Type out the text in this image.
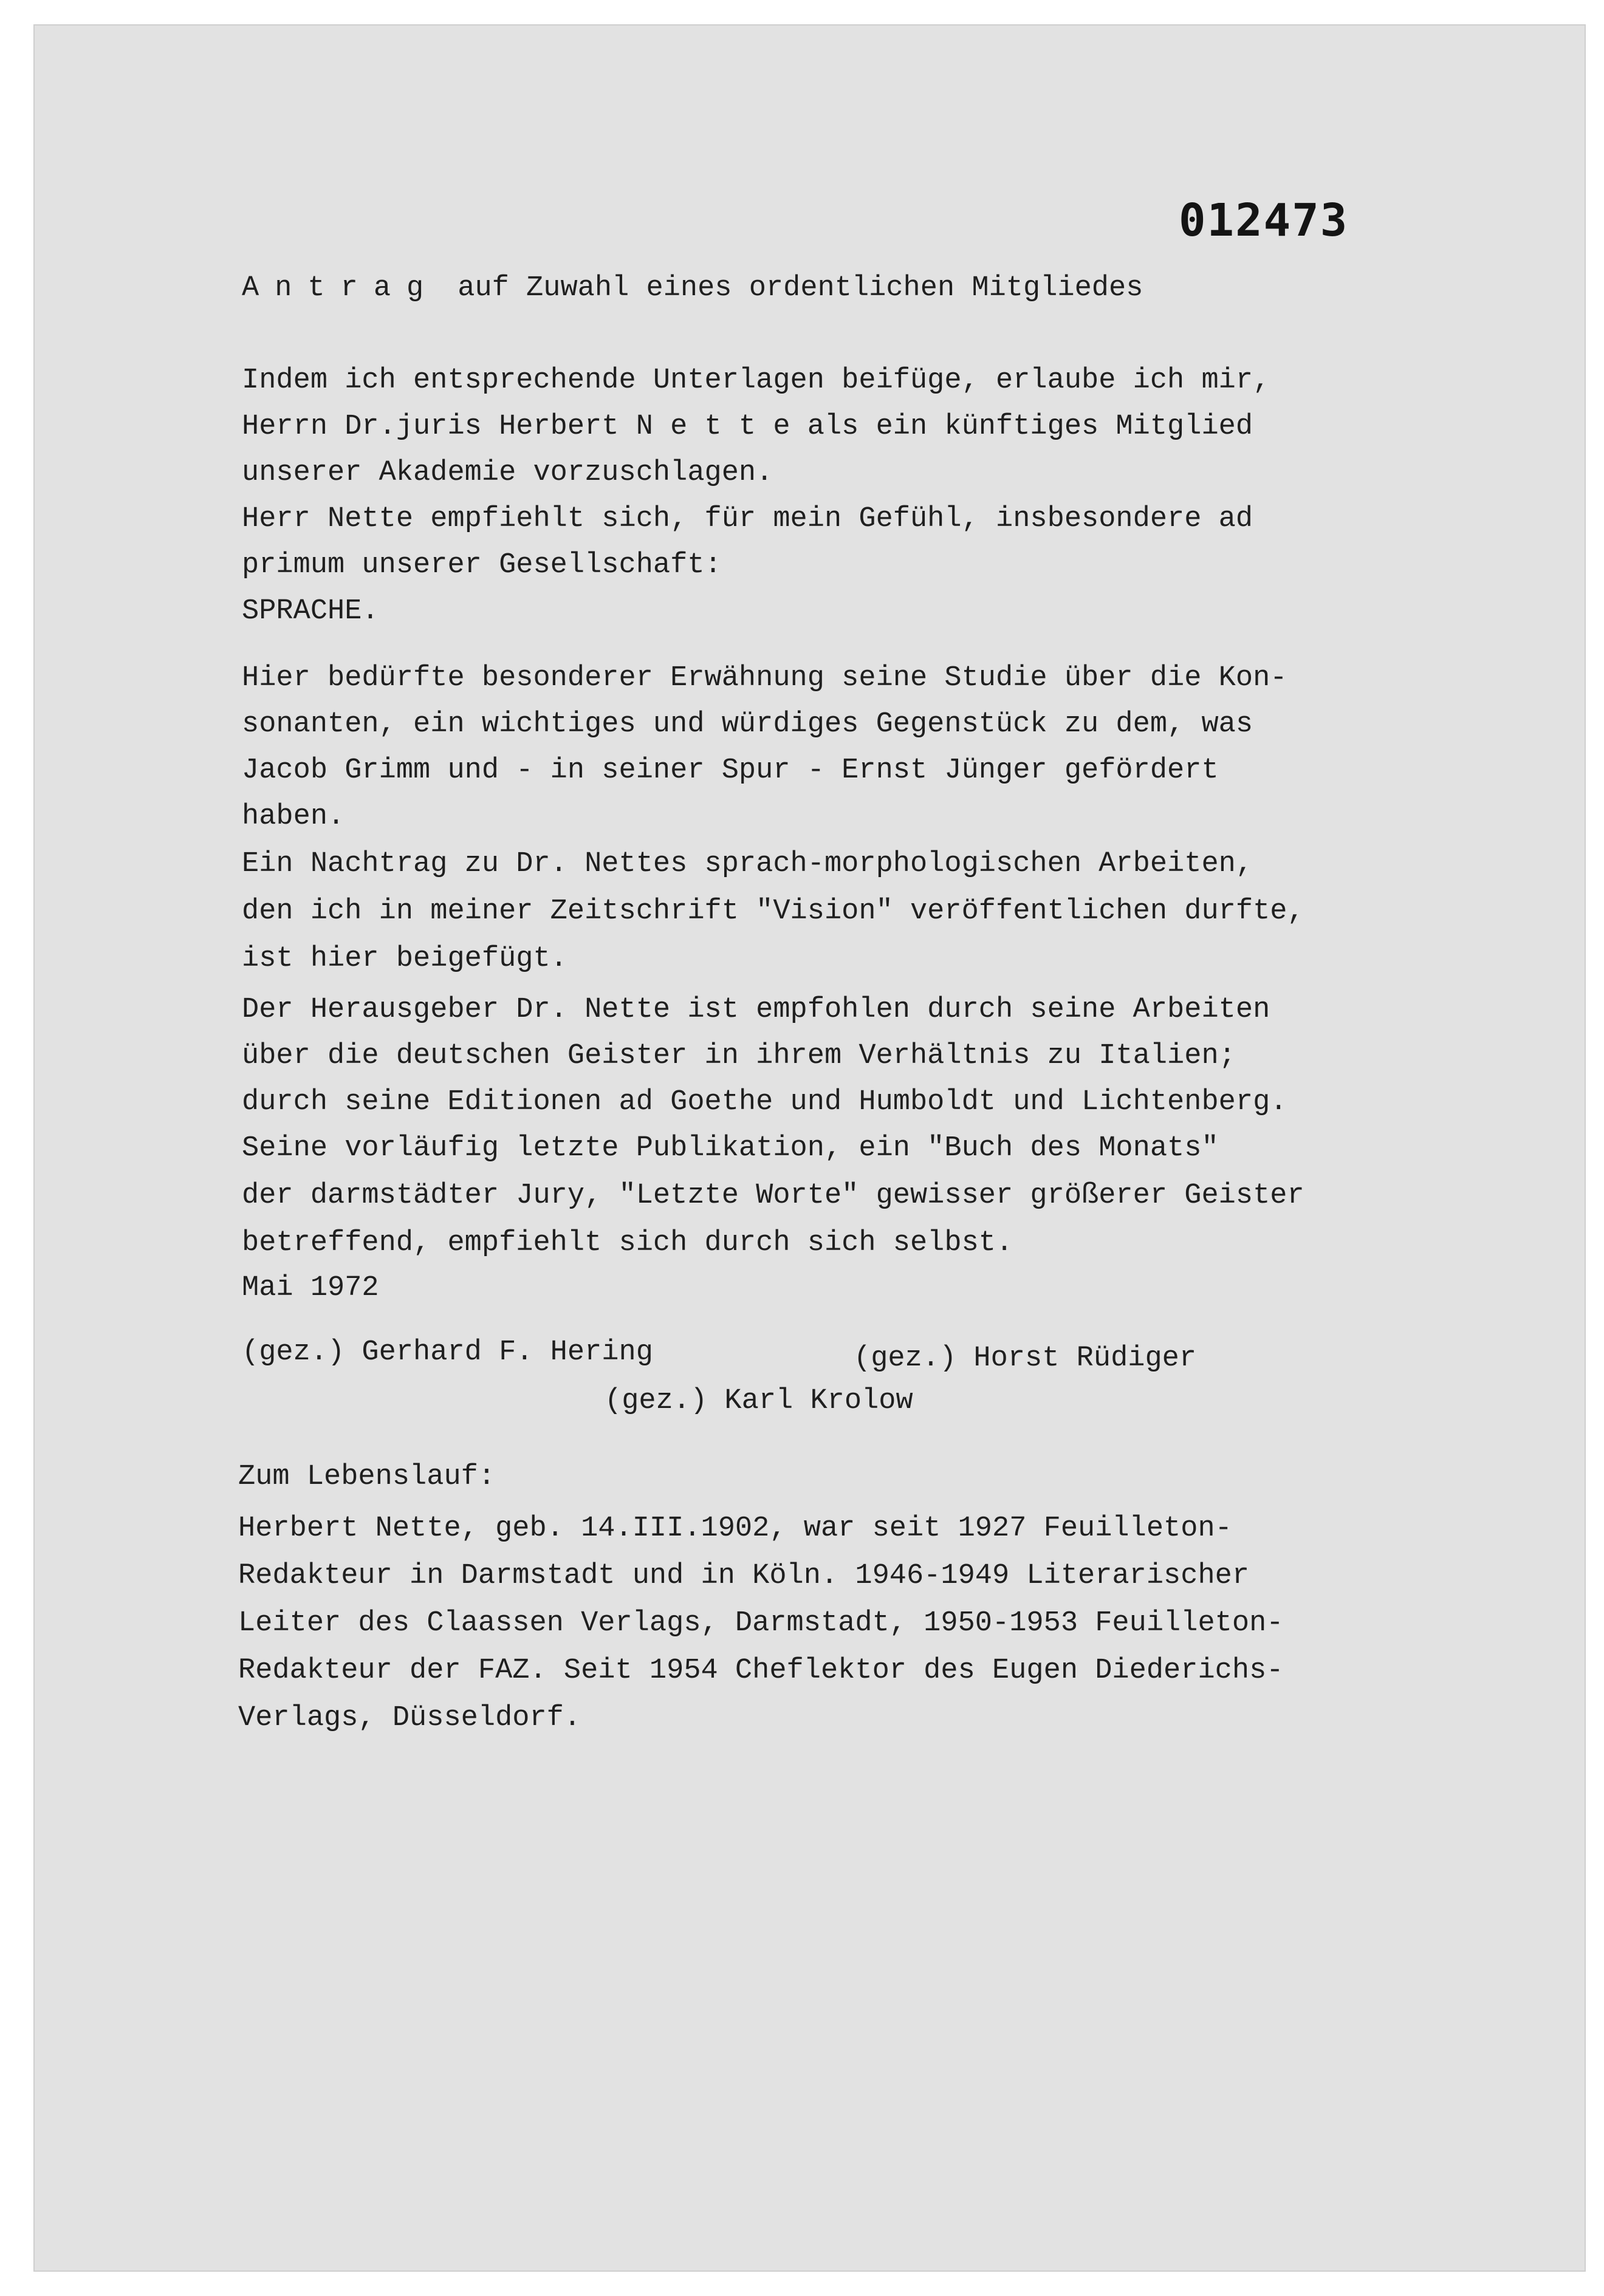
012473
Antrag auf Zuwahl eines ordentlichen Mitgliedes
Indem ich entsprechende Unterlagen beifüge, erlaube ich mir,
Herrn Dr.juris Herbert N e t t e als ein künftiges Mitglied
unserer Akademie vorzuschlagen.
Herr Nette empfiehlt sich, für mein Gefühl, insbesondere ad
primum unserer Gesellschaft:
SPRACHE.
Hier bedürfte besonderer Erwähnung seine Studie über die Kon-
sonanten, ein wichtiges und würdiges Gegenstück zu dem, was
Jacob Grimm und - in seiner Spur - Ernst Jünger gefördert
haben.
Ein Nachtrag zu Dr. Nettes sprach-morphologischen Arbeiten,
den ich in meiner Zeitschrift "Vision" veröffentlichen durfte,
ist hier beigefügt.
Der Herausgeber Dr. Nette ist empfohlen durch seine Arbeiten
über die deutschen Geister in ihrem Verhältnis zu Italien;
durch seine Editionen ad Goethe und Humboldt und Lichtenberg.
Seine vorläufig letzte Publikation, ein "Buch des Monats"
der darmstädter Jury, "Letzte Worte" gewisser größerer Geister
betreffend, empfiehlt sich durch sich selbst.
Mai 1972
(gez.) Gerhard F. Hering	(gez.) Horst Rüdiger
(gez.) Karl Krolow
Zum Lebenslauf:
Herbert Nette, geb. 14.III.1902, war seit 1927 Feuilleton-
Redakteur in Darmstadt und in Köln. 1946-1949 Literarischer
Leiter des Claassen Verlags, Darmstadt, 1950-1953 Feuilleton-
Redakteur der FAZ. Seit 1954 Cheflektor des Eugen Diederichs-
Verlags, Düsseldorf.
